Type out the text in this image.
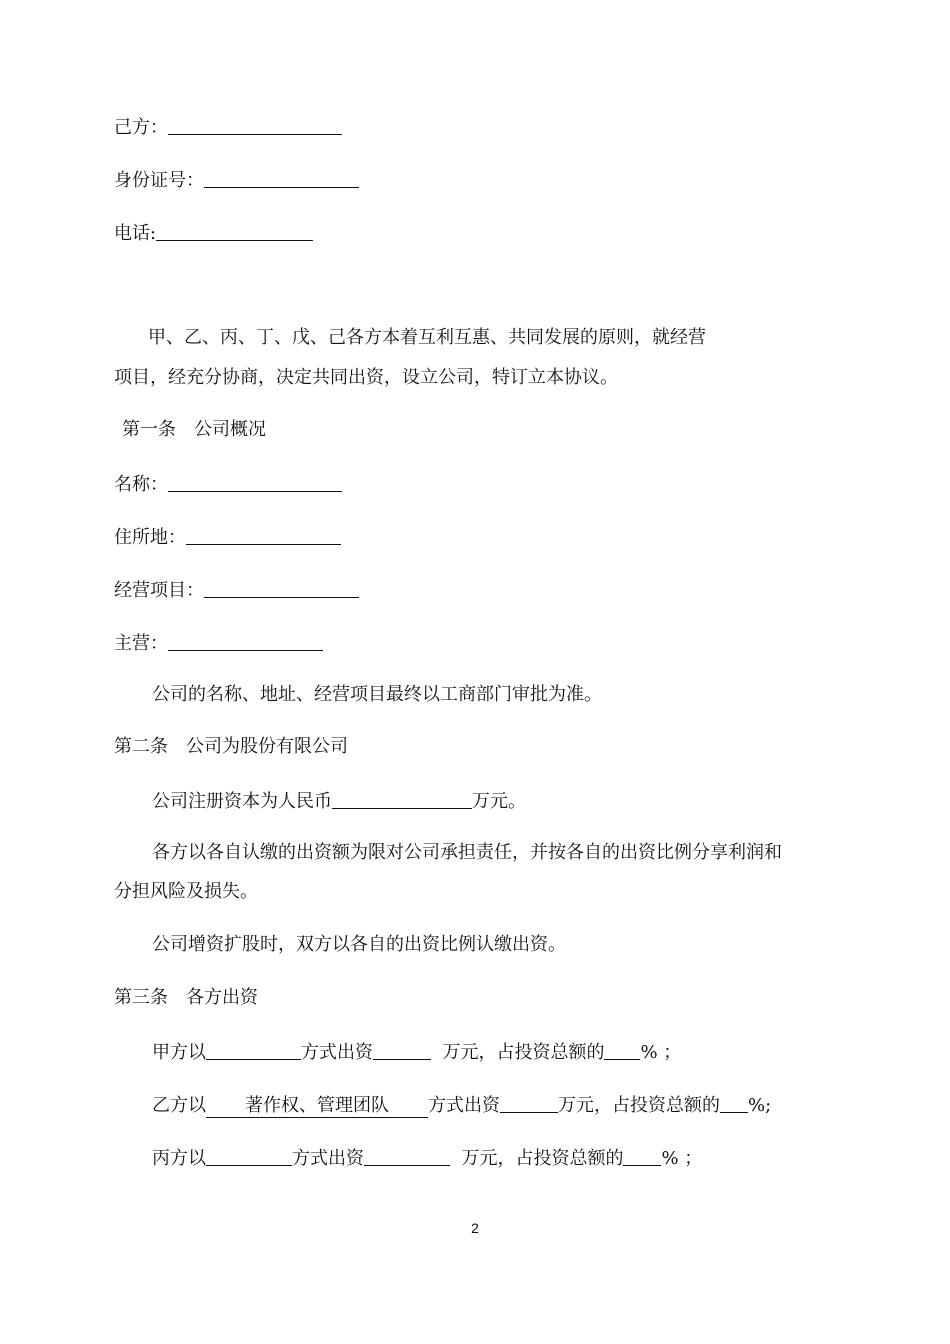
己方：
身份证号：
电话:
甲、乙、丙、丁、戊、己各方本着互利互惠、共同发展的原则，就经营
项目，经充分协商，决定共同出资，设立公司，特订立本协议。
第一条　公司概况
名称：
住所地：
经营项目：
主营：
公司的名称、地址、经营项目最终以工商部门审批为准。
第二条　公司为股份有限公司
公司注册资本为人民币	万元。
各方以各自认缴的出资额为限对公司承担责任，并按各自的出资比例分享利润和
分担风险及损失。
公司增资扩股时，双方以各自的出资比例认缴出资。
第三条　各方出资
甲方以	方式出资	万元，占投资总额的 % ；
乙方以 著作权、管理团队 方式出资	万元，占投资总额的 %;
丙方以	方式出资	万元，占投资总额的 % ；
2
